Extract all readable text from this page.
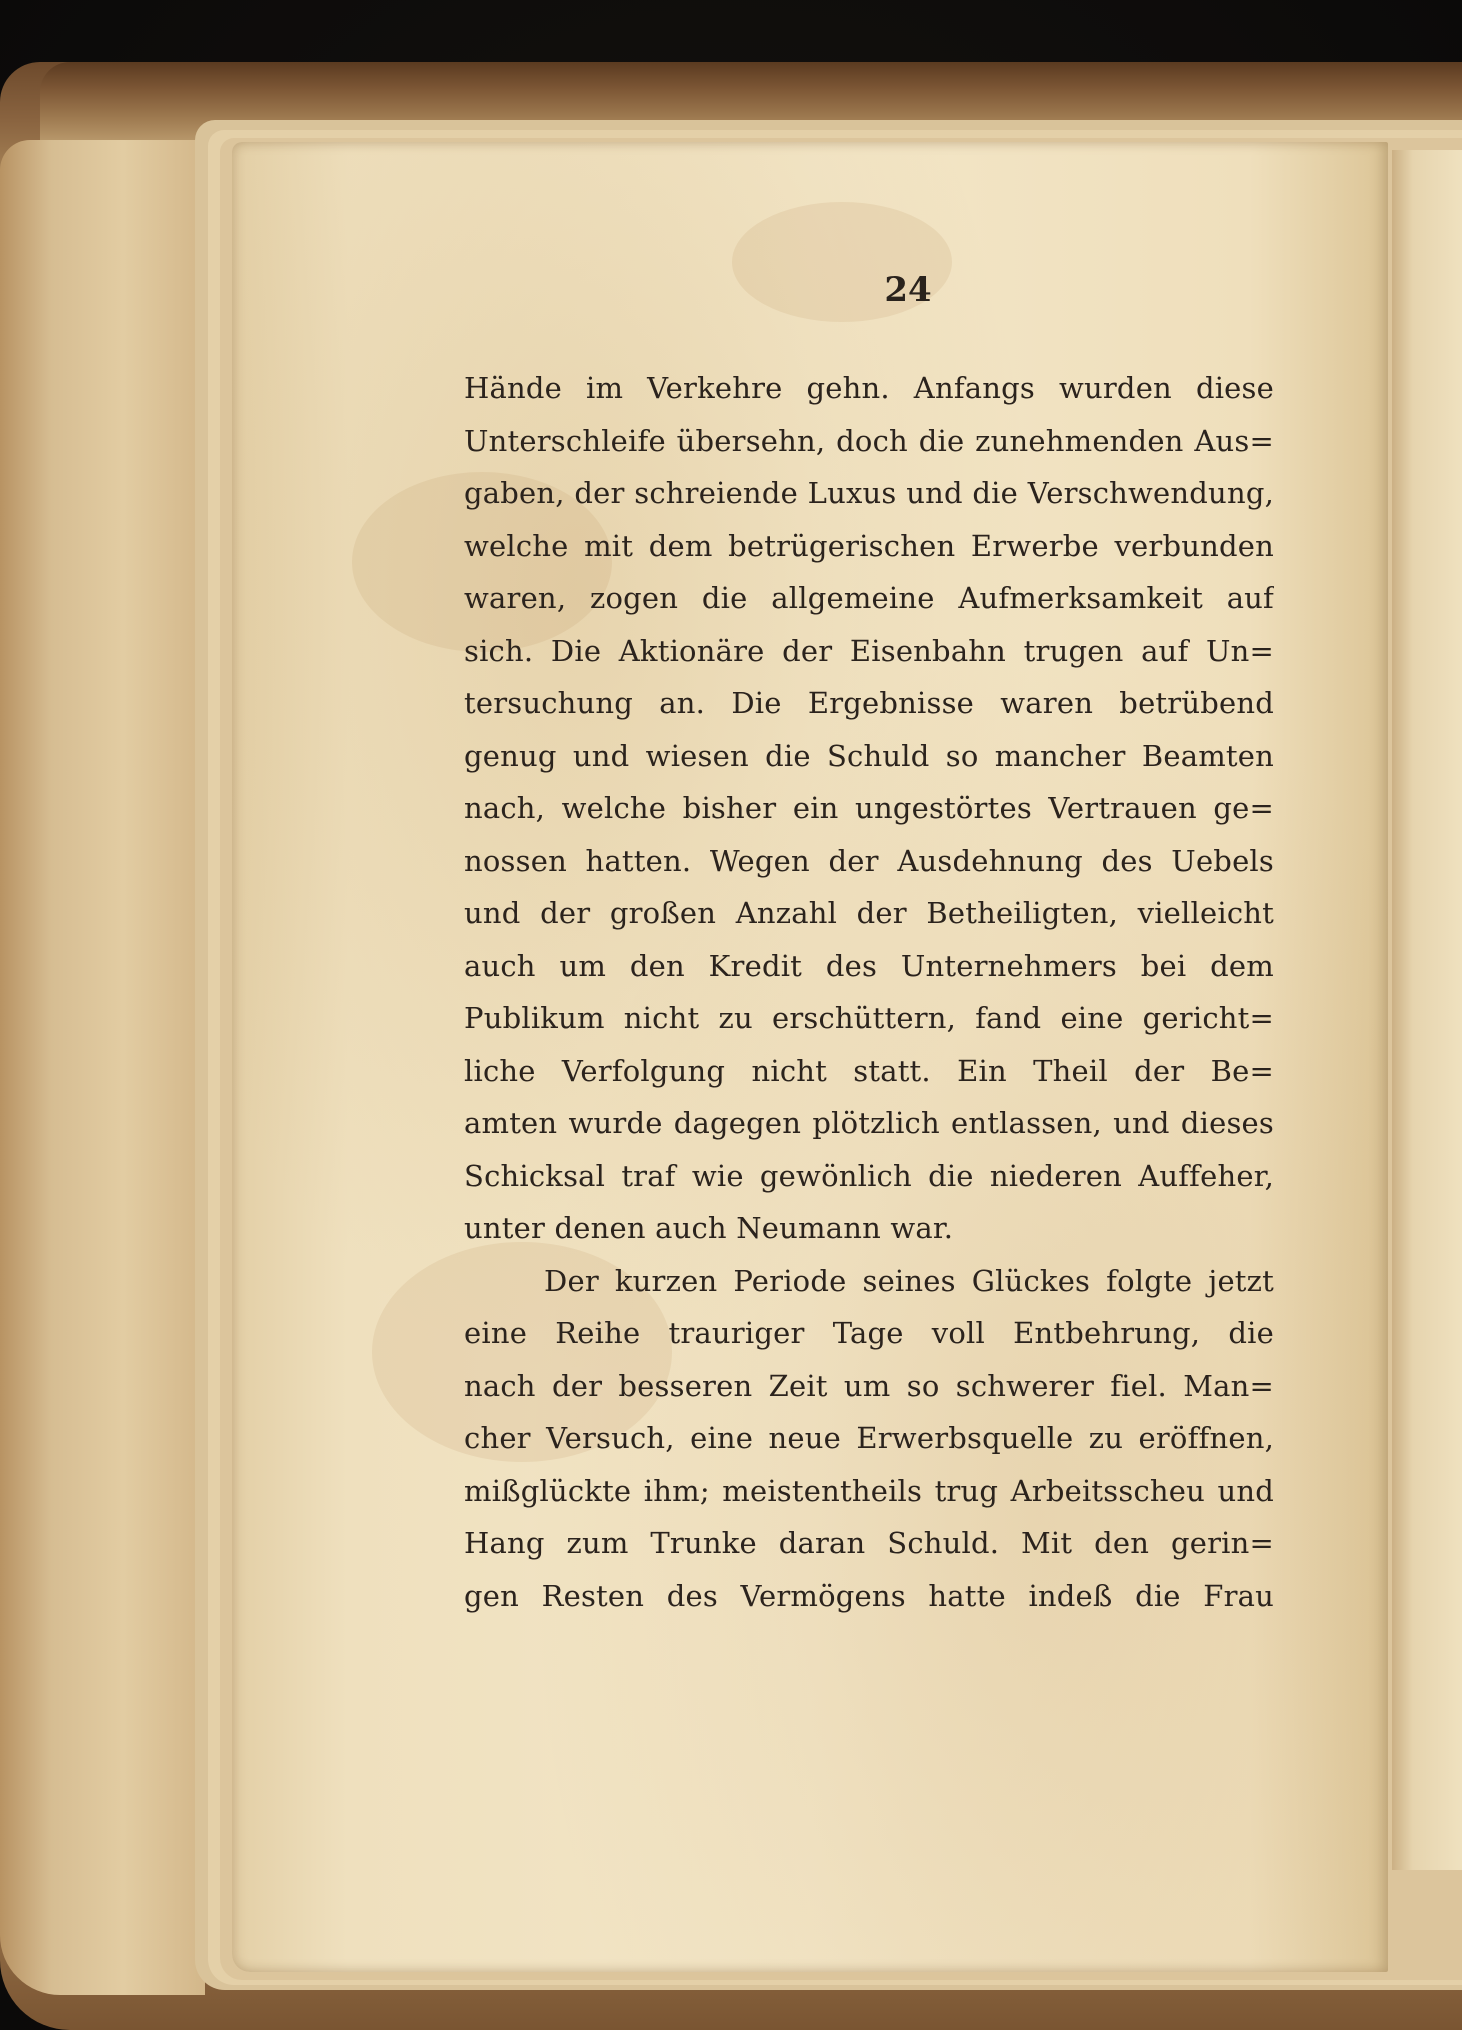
24
Hände im Verkehre gehn. Anfangs wurden diese
Unterschleife übersehn, doch die zunehmenden Aus=
gaben, der schreiende Luxus und die Verschwendung,
welche mit dem betrügerischen Erwerbe verbunden
waren, zogen die allgemeine Aufmerksamkeit auf
sich. Die Aktionäre der Eisenbahn trugen auf Un=
tersuchung an. Die Ergebnisse waren betrübend
genug und wiesen die Schuld so mancher Beamten
nach, welche bisher ein ungestörtes Vertrauen ge=
nossen hatten. Wegen der Ausdehnung des Uebels
und der großen Anzahl der Betheiligten, vielleicht
auch um den Kredit des Unternehmers bei dem
Publikum nicht zu erschüttern, fand eine gericht=
liche Verfolgung nicht statt. Ein Theil der Be=
amten wurde dagegen plötzlich entlassen, und dieses
Schicksal traf wie gewönlich die niederen Auffeher,
unter denen auch Neumann war.
Der kurzen Periode seines Glückes folgte jetzt
eine Reihe trauriger Tage voll Entbehrung, die
nach der besseren Zeit um so schwerer fiel. Man=
cher Versuch, eine neue Erwerbsquelle zu eröffnen,
mißglückte ihm; meistentheils trug Arbeitsscheu und
Hang zum Trunke daran Schuld. Mit den gerin=
gen Resten des Vermögens hatte indeß die Frau
